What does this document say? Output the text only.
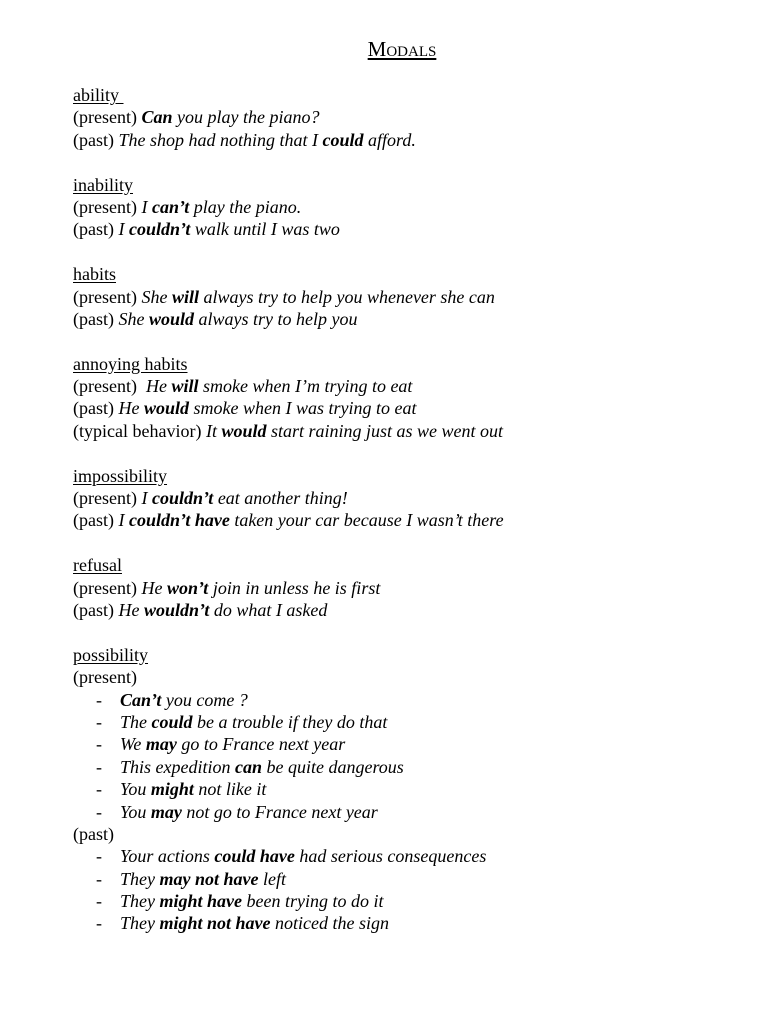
Modals
ability
(present) Can you play the piano?
(past) The shop had nothing that I could afford.
inability
(present) I can’t play the piano.
(past) I couldn’t walk until I was two
habits
(present) She will always try to help you whenever she can
(past) She would always try to help you
annoying habits
(present)  He will smoke when I’m trying to eat
(past) He would smoke when I was trying to eat
(typical behavior) It would start raining just as we went out
impossibility
(present) I couldn’t eat another thing!
(past) I couldn’t have taken your car because I wasn’t there
refusal
(present) He won’t join in unless he is first
(past) He wouldn’t do what I asked
possibility
(present)
- Can’t you come ?
- The could be a trouble if they do that
- We may go to France next year
- This expedition can be quite dangerous
- You might not like it
- You may not go to France next year
(past)
- Your actions could have had serious consequences
- They may not have left
- They might have been trying to do it
- They might not have noticed the sign
